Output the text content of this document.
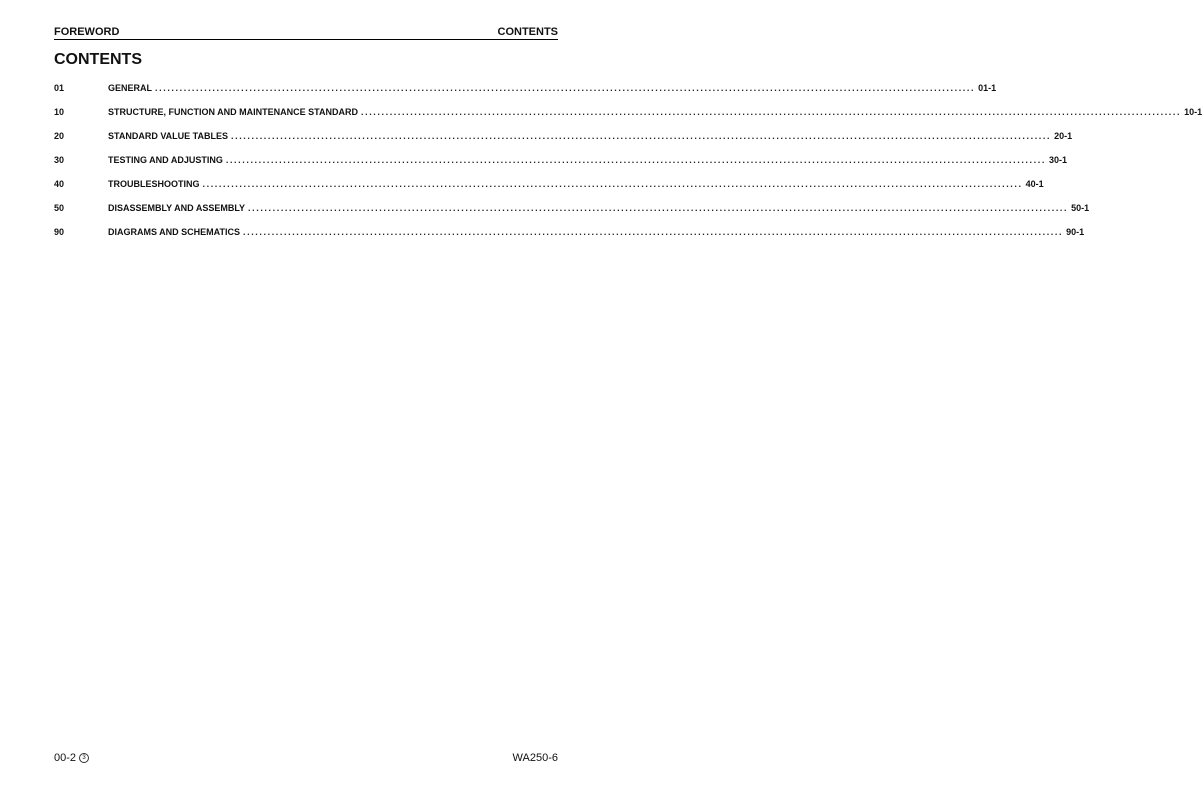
FOREWORD	CONTENTS
CONTENTS
01	GENERAL ........................................................................................................................................................................................................ 01-1
10	STRUCTURE, FUNCTION AND MAINTENANCE STANDARD ........................................................................................................................................................................................................ 10-1
20	STANDARD VALUE TABLES ........................................................................................................................................................................................................ 20-1
30	TESTING AND ADJUSTING ........................................................................................................................................................................................................ 30-1
40	TROUBLESHOOTING ........................................................................................................................................................................................................ 40-1
50	DISASSEMBLY AND ASSEMBLY ........................................................................................................................................................................................................ 50-1
90	DIAGRAMS AND SCHEMATICS ........................................................................................................................................................................................................ 90-1
00-2 3	WA250-6
